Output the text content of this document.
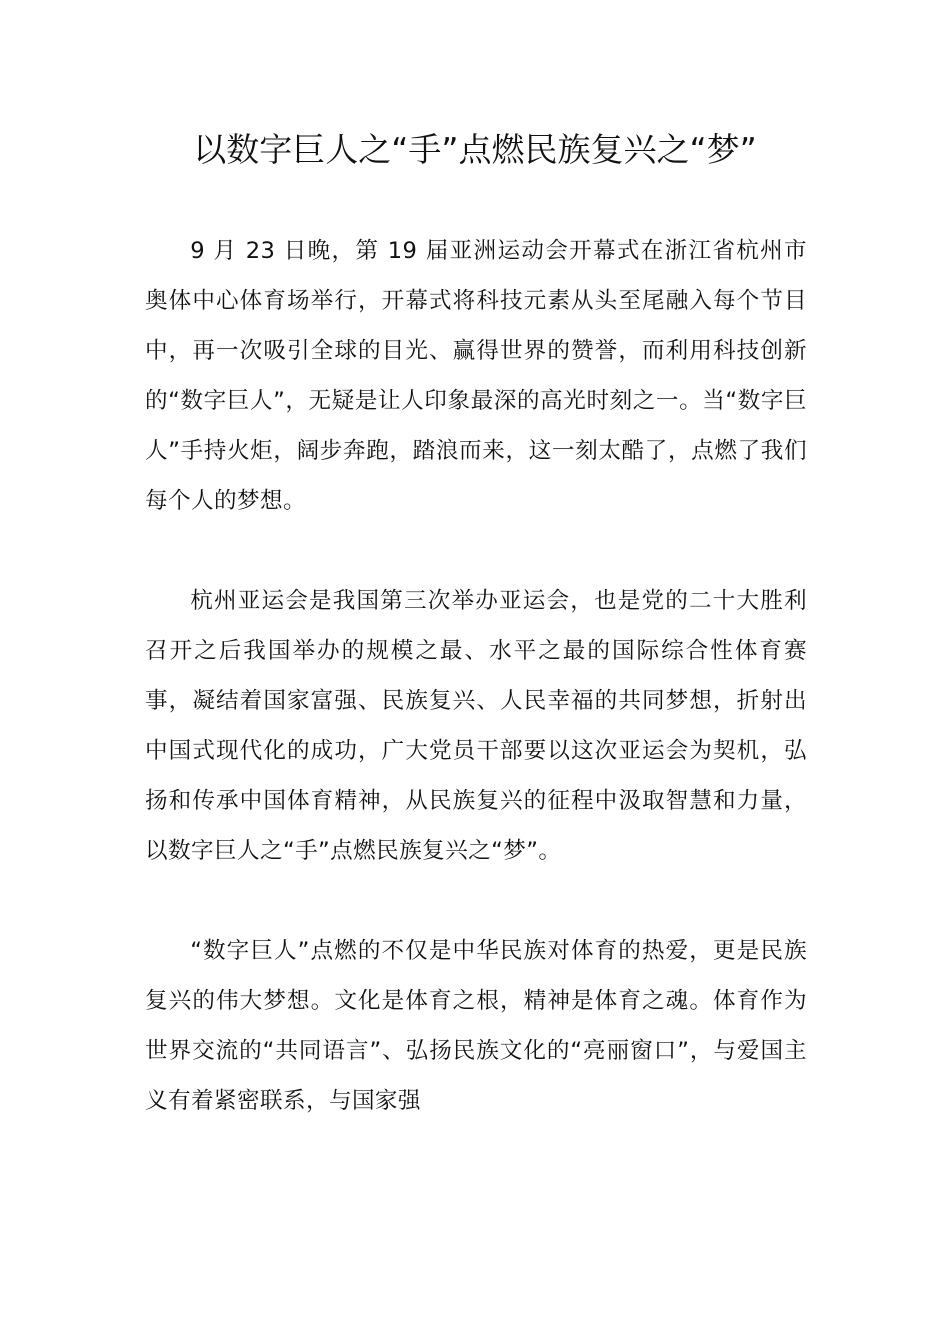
以数字巨人之“手”点燃民族复兴之“梦”

9 月 23 日晚，第 19 届亚洲运动会开幕式在浙江省杭州市奥体中心体育场举行，开幕式将科技元素从头至尾融入每个节目中，再一次吸引全球的目光、赢得世界的赞誉，而利用科技创新的“数字巨人”，无疑是让人印象最深的高光时刻之一。当“数字巨人”手持火炬，阔步奔跑，踏浪而来，这一刻太酷了，点燃了我们每个人的梦想。

杭州亚运会是我国第三次举办亚运会，也是党的二十大胜利召开之后我国举办的规模之最、水平之最的国际综合性体育赛事，凝结着国家富强、民族复兴、人民幸福的共同梦想，折射出中国式现代化的成功，广大党员干部要以这次亚运会为契机，弘扬和传承中国体育精神，从民族复兴的征程中汲取智慧和力量，以数字巨人之“手”点燃民族复兴之“梦”。

“数字巨人”点燃的不仅是中华民族对体育的热爱，更是民族复兴的伟大梦想。文化是体育之根，精神是体育之魂。体育作为世界交流的“共同语言”、弘扬民族文化的“亮丽窗口”，与爱国主义有着紧密联系，与国家强
